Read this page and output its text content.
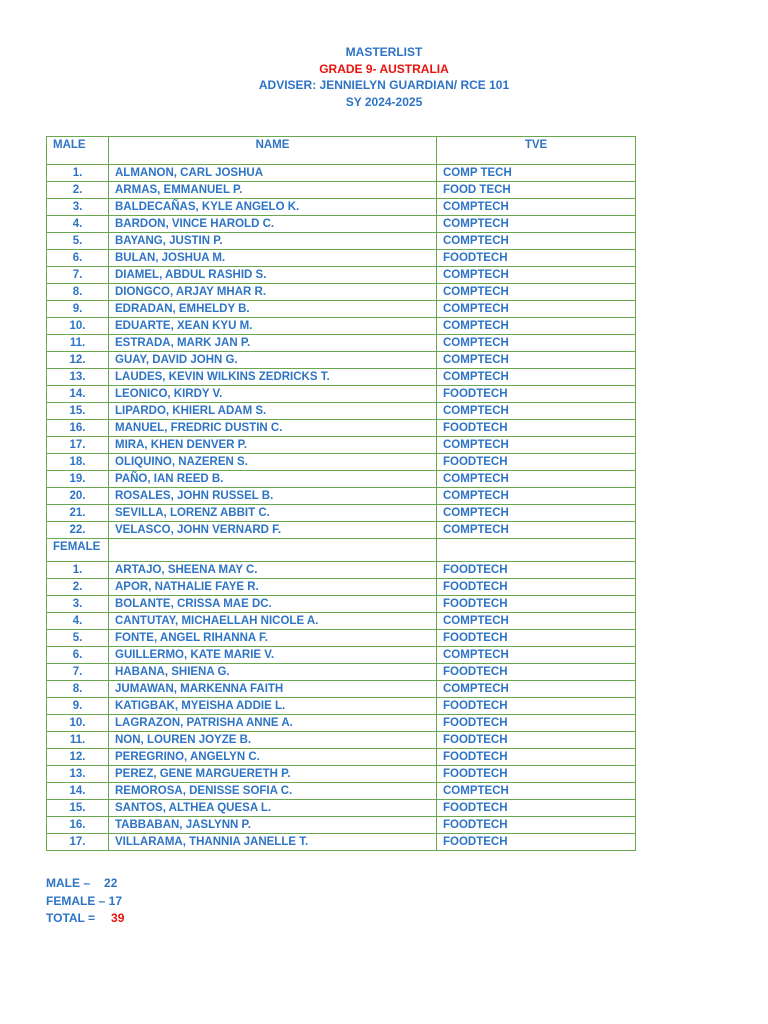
MASTERLIST
GRADE 9- AUSTRALIA
ADVISER: JENNIELYN GUARDIAN/ RCE 101
SY 2024-2025
MALE	NAME	TVE
1.	ALMANON, CARL JOSHUA	COMP TECH
2.	ARMAS, EMMANUEL P.	FOOD TECH
3.	BALDECAÑAS, KYLE ANGELO K.	COMPTECH
4.	BARDON, VINCE HAROLD C.	COMPTECH
5.	BAYANG, JUSTIN P.	COMPTECH
6.	BULAN, JOSHUA M.	FOODTECH
7.	DIAMEL, ABDUL RASHID S.	COMPTECH
8.	DIONGCO, ARJAY MHAR R.	COMPTECH
9.	EDRADAN, EMHELDY B.	COMPTECH
10.	EDUARTE, XEAN KYU M.	COMPTECH
11.	ESTRADA, MARK JAN P.	COMPTECH
12.	GUAY, DAVID JOHN G.	COMPTECH
13.	LAUDES, KEVIN WILKINS ZEDRICKS T.	COMPTECH
14.	LEONICO, KIRDY V.	FOODTECH
15.	LIPARDO, KHIERL ADAM S.	COMPTECH
16.	MANUEL, FREDRIC DUSTIN C.	FOODTECH
17.	MIRA, KHEN DENVER P.	COMPTECH
18.	OLIQUINO, NAZEREN S.	FOODTECH
19.	PAÑO, IAN REED B.	COMPTECH
20.	ROSALES, JOHN RUSSEL B.	COMPTECH
21.	SEVILLA, LORENZ ABBIT C.	COMPTECH
22.	VELASCO, JOHN VERNARD F.	COMPTECH
FEMALE		
1.	ARTAJO, SHEENA MAY C.	FOODTECH
2.	APOR, NATHALIE FAYE R.	FOODTECH
3.	BOLANTE, CRISSA MAE DC.	FOODTECH
4.	CANTUTAY, MICHAELLAH NICOLE A.	COMPTECH
5.	FONTE, ANGEL RIHANNA F.	FOODTECH
6.	GUILLERMO, KATE MARIE V.	COMPTECH
7.	HABANA, SHIENA G.	FOODTECH
8.	JUMAWAN, MARKENNA FAITH	COMPTECH
9.	KATIGBAK, MYEISHA ADDIE L.	FOODTECH
10.	LAGRAZON, PATRISHA ANNE A.	FOODTECH
11.	NON, LOUREN JOYZE B.	FOODTECH
12.	PEREGRINO, ANGELYN C.	FOODTECH
13.	PEREZ, GENE MARGUERETH P.	FOODTECH
14.	REMOROSA, DENISSE SOFIA C.	COMPTECH
15.	SANTOS, ALTHEA QUESA L.	FOODTECH
16.	TABBABAN, JASLYNN P.	FOODTECH
17.	VILLARAMA, THANNIA JANELLE T.	FOODTECH
MALE – 22
FEMALE – 17
TOTAL = 39
